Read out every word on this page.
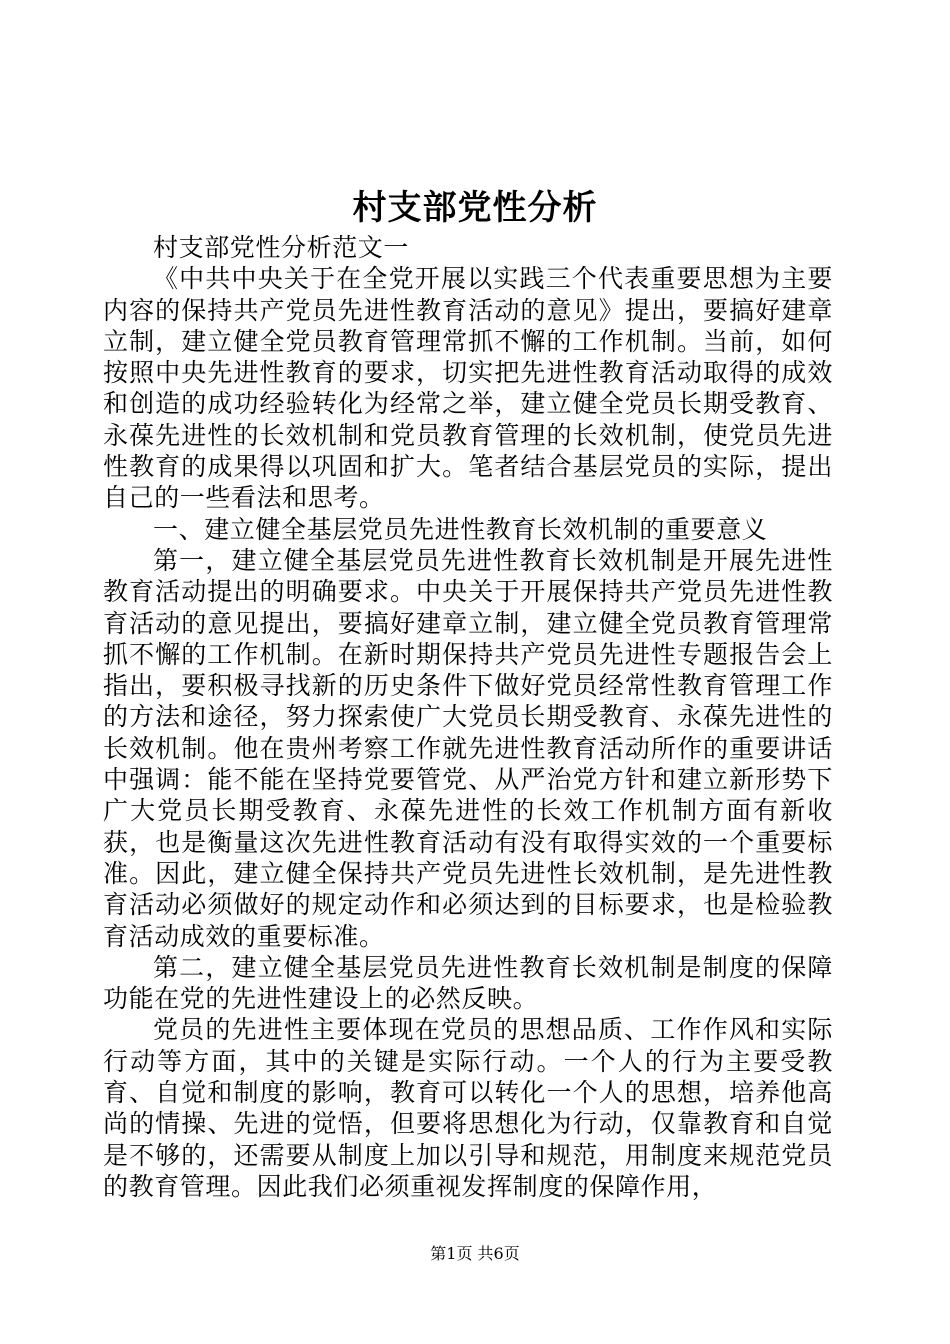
村支部党性分析

村支部党性分析范文一

《中共中央关于在全党开展以实践三个代表重要思想为主要内容的保持共产党员先进性教育活动的意见》提出，要搞好建章立制，建立健全党员教育管理常抓不懈的工作机制。当前，如何按照中央先进性教育的要求，切实把先进性教育活动取得的成效和创造的成功经验转化为经常之举，建立健全党员长期受教育、永葆先进性的长效机制和党员教育管理的长效机制，使党员先进性教育的成果得以巩固和扩大。笔者结合基层党员的实际，提出自己的一些看法和思考。

一、建立健全基层党员先进性教育长效机制的重要意义

第一，建立健全基层党员先进性教育长效机制是开展先进性教育活动提出的明确要求。中央关于开展保持共产党员先进性教育活动的意见提出，要搞好建章立制，建立健全党员教育管理常抓不懈的工作机制。在新时期保持共产党员先进性专题报告会上指出，要积极寻找新的历史条件下做好党员经常性教育管理工作的方法和途径，努力探索使广大党员长期受教育、永葆先进性的长效机制。他在贵州考察工作就先进性教育活动所作的重要讲话中强调：能不能在坚持党要管党、从严治党方针和建立新形势下广大党员长期受教育、永葆先进性的长效工作机制方面有新收获，也是衡量这次先进性教育活动有没有取得实效的一个重要标准。因此，建立健全保持共产党员先进性长效机制，是先进性教育活动必须做好的规定动作和必须达到的目标要求，也是检验教育活动成效的重要标准。

第二，建立健全基层党员先进性教育长效机制是制度的保障功能在党的先进性建设上的必然反映。

党员的先进性主要体现在党员的思想品质、工作作风和实际行动等方面，其中的关键是实际行动。一个人的行为主要受教育、自觉和制度的影响，教育可以转化一个人的思想，培养他高尚的情操、先进的觉悟，但要将思想化为行动，仅靠教育和自觉是不够的，还需要从制度上加以引导和规范，用制度来规范党员的教育管理。因此我们必须重视发挥制度的保障作用，

第1页 共6页
